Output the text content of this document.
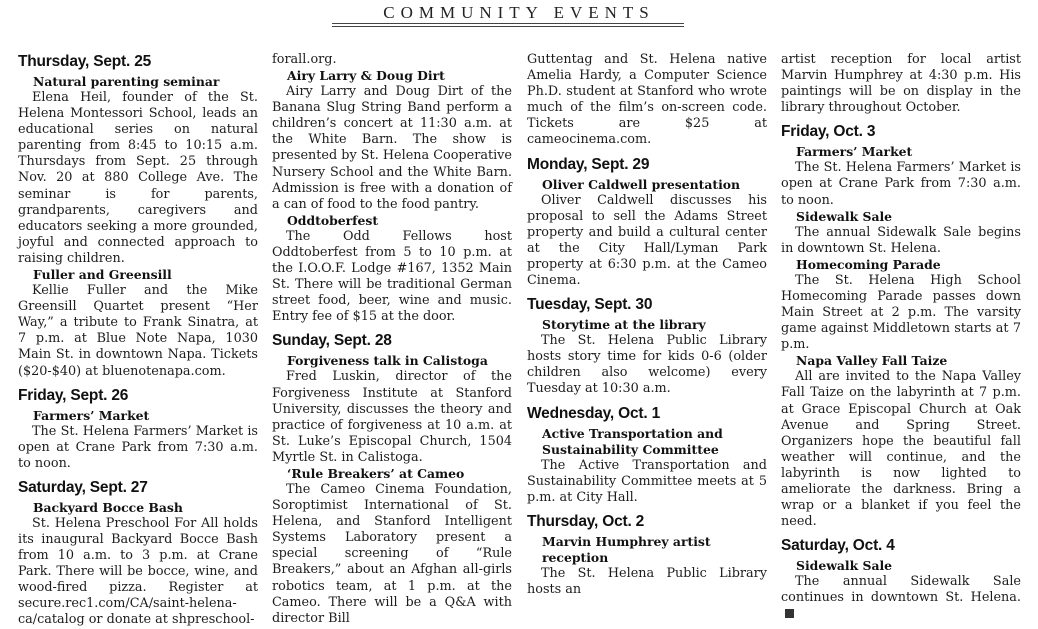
COMMUNITY EVENTS
Thursday, Sept. 25
Natural parenting seminar

Elena Heil, founder of the St. Helena Montessori School, leads an educational series on natural parenting from 8:45 to 10:15 a.m. Thursdays from Sept. 25 through Nov. 20 at 880 College Ave. The seminar is for parents, grandparents, caregivers and educators seeking a more grounded, joyful and connected approach to raising children.

Fuller and Greensill

Kellie Fuller and the Mike Greensill Quartet present “Her Way,” a tribute to Frank Sinatra, at 7 p.m. at Blue Note Napa, 1030 Main St. in downtown Napa. Tickets ($20-$40) at bluenotenapa.com.

Friday, Sept. 26
Farmers’ Market

The St. Helena Farmers’ Market is open at Crane Park from 7:30 a.m. to noon.

Saturday, Sept. 27
Backyard Bocce Bash

St. Helena Preschool For All holds its inaugural Backyard Bocce Bash from 10 a.m. to 3 p.m. at Crane Park. There will be bocce, wine, and wood-fired pizza. Register at secure.rec1.com/CA/saint-helena-ca/catalog or donate at shpreschool-

forall.org.

Airy Larry & Doug Dirt

Airy Larry and Doug Dirt of the Banana Slug String Band perform a children’s concert at 11:30 a.m. at the White Barn. The show is presented by St. Helena Cooperative Nursery School and the White Barn. Admission is free with a donation of a can of food to the food pantry.

Oddtoberfest

The Odd Fellows host Oddtoberfest from 5 to 10 p.m. at the I.O.O.F. Lodge #167, 1352 Main St. There will be traditional German street food, beer, wine and music. Entry fee of $15 at the door.

Sunday, Sept. 28
Forgiveness talk in Calistoga

Fred Luskin, director of the Forgiveness Institute at Stanford University, discusses the theory and practice of forgiveness at 10 a.m. at St. Luke’s Episcopal Church, 1504 Myrtle St. in Calistoga.

‘Rule Breakers’ at Cameo

The Cameo Cinema Foundation, Soroptimist International of St. Helena, and Stanford Intelligent Systems Laboratory present a special screening of “Rule Breakers,” about an Afghan all-girls robotics team, at 1 p.m. at the Cameo. There will be a Q&A with director Bill

Guttentag and St. Helena native Amelia Hardy, a Computer Science Ph.D. student at Stanford who wrote much of the film’s on-screen code. Tickets are $25 at cameocinema.com.

Monday, Sept. 29
Oliver Caldwell presentation

Oliver Caldwell discusses his proposal to sell the Adams Street property and build a cultural center at the City Hall/Lyman Park property at 6:30 p.m. at the Cameo Cinema.

Tuesday, Sept. 30
Storytime at the library

The St. Helena Public Library hosts story time for kids 0-6 (older children also welcome) every Tuesday at 10:30 a.m.

Wednesday, Oct. 1
Active Transportation and Sustainability Committee

The Active Transportation and Sustainability Committee meets at 5 p.m. at City Hall.

Thursday, Oct. 2
Marvin Humphrey artist reception

The St. Helena Public Library hosts an

artist reception for local artist Marvin Humphrey at 4:30 p.m. His paintings will be on display in the library throughout October.

Friday, Oct. 3
Farmers’ Market

The St. Helena Farmers’ Market is open at Crane Park from 7:30 a.m. to noon.

Sidewalk Sale

The annual Sidewalk Sale begins in downtown St. Helena.

Homecoming Parade

The St. Helena High School Homecoming Parade passes down Main Street at 2 p.m. The varsity game against Middletown starts at 7 p.m.

Napa Valley Fall Taize

All are invited to the Napa Valley Fall Taize on the labyrinth at 7 p.m. at Grace Episcopal Church at Oak Avenue and Spring Street. Organizers hope the beautiful fall weather will continue, and the labyrinth is now lighted to ameliorate the darkness. Bring a wrap or a blanket if you feel the need.

Saturday, Oct. 4
Sidewalk Sale

The annual Sidewalk Sale continues in downtown St. Helena.
